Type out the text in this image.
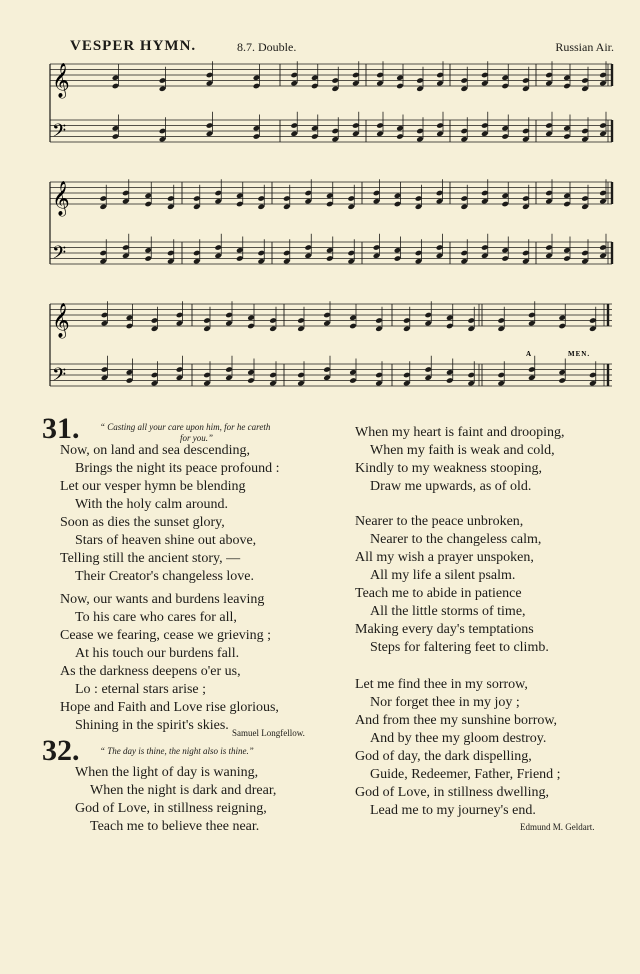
VESPER HYMN.	8.7. Double.	Russian Air.
𝄞
𝄢
𝄞
𝄢
𝄞
𝄢
A	MEN.
31. “ Casting all your care upon him, for he careth
for you.”
Now, on land and sea descending,
Brings the night its peace profound :
Let our vesper hymn be blending
With the holy calm around.
Soon as dies the sunset glory,
Stars of heaven shine out above,
Telling still the ancient story, —
Their Creator's changeless love.
Now, our wants and burdens leaving
To his care who cares for all,
Cease we fearing, cease we grieving ;
At his touch our burdens fall.
As the darkness deepens o'er us,
Lo : eternal stars arise ;
Hope and Faith and Love rise glorious,
Shining in the spirit's skies. Samuel Longfellow.
32. “ The day is thine, the night also is thine.”
When the light of day is waning,
When the night is dark and drear,
God of Love, in stillness reigning,
Teach me to believe thee near.
When my heart is faint and drooping,
When my faith is weak and cold,
Kindly to my weakness stooping,
Draw me upwards, as of old.
Nearer to the peace unbroken,
Nearer to the changeless calm,
All my wish a prayer unspoken,
All my life a silent psalm.
Teach me to abide in patience
All the little storms of time,
Making every day's temptations
Steps for faltering feet to climb.
Let me find thee in my sorrow,
Nor forget thee in my joy ;
And from thee my sunshine borrow,
And by thee my gloom destroy.
God of day, the dark dispelling,
Guide, Redeemer, Father, Friend ;
God of Love, in stillness dwelling,
Lead me to my journey's end.
Edmund M. Geldart.
